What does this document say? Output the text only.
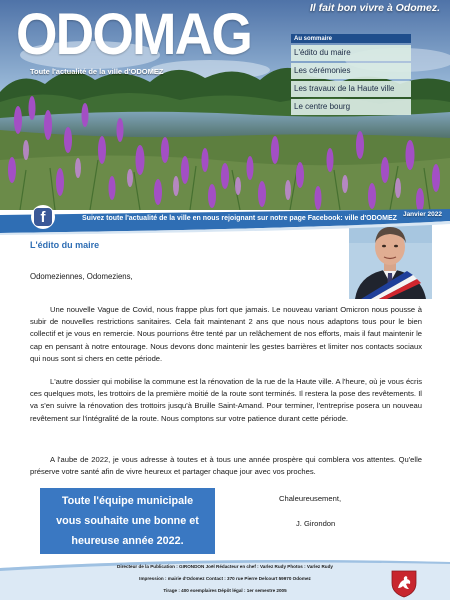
ODOMAG
Toute l'actualité de la ville d'ODOMEZ
Il fait bon vivre à Odomez.
Au sommaire
L'édito du maire
Les cérémonies
Les travaux de la Haute ville
Le centre bourg
Janvier 2022
f	Suivez toute l'actualité de la ville en nous rejoignant sur notre page Facebook: ville d'ODOMEZ
L'édito du maire
Odomeziennes, Odomeziens,

Une nouvelle Vague de Covid, nous frappe plus fort que jamais. Le nouveau variant Omicron nous pousse à subir de nouvelles restrictions sanitaires. Cela fait maintenant 2 ans que nous nous adaptons tous pour le bien collectif et je vous en remercie. Nous pourrions être tenté par un relâchement de nos efforts, mais il faut maintenir le cap en pensant à notre entourage. Nous devons donc maintenir les gestes barrières et limiter nos contacts sociaux qui nous sont si chers en cette période.

L'autre dossier qui mobilise la commune est la rénovation de la rue de la Haute ville. A l'heure, où je vous écris ces quelques mots, les trottoirs de la première moitié de la route sont terminés. Il restera la pose des revêtements. Il va s'en suivre la rénovation des trottoirs jusqu'à Bruille Saint-Amand. Pour terminer, l'entreprise posera un nouveau revêtement sur l'intégralité de la route. Nous comptons sur votre patience durant cette période.

A l'aube de 2022, je vous adresse à toutes et à tous une année prospère qui comblera vos attentes. Qu'elle préserve votre santé afin de vivre heureux et partager chaque jour avec vos proches.

Toute l'équipe municipale
vous souhaite une bonne et
heureuse année 2022.
Chaleureusement,
J. Girondon
Directeur de la Publication : GIRONDON Joël Rédacteur en chef : Varlez Rudy Photos : Varlez Rudy
Impression : mairie d'Odomez Contact : 370 rue Pierre Delcourt 59970 Odomez
Tirage : 400 exemplaires Dépôt légal : 1er semestre 2005
